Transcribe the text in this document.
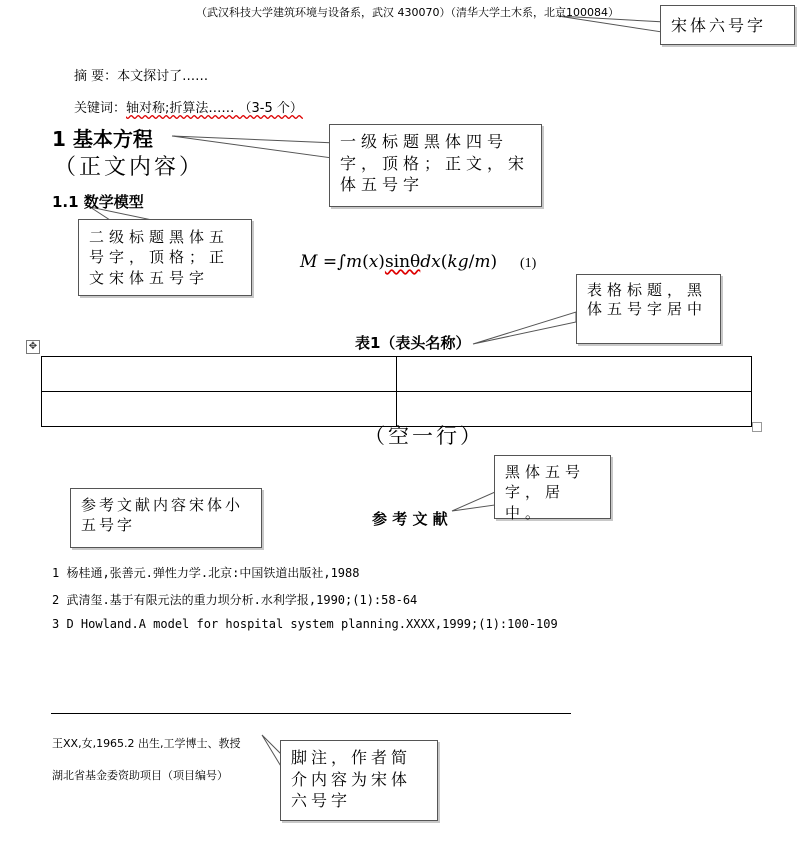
（武汉科技大学建筑环境与设备系，武汉 430070）（清华大学土木系，北京100084）
摘 要：本文探讨了……
关键词：轴对称;折算法…… （3-5 个）
1 基本方程
（正文内容）
1.1 数学模型
M =∫m(x)sinθdx(kg/m) (1)
表1（表头名称）
✥

（空一行）
参 考 文 献
1 杨桂通,张善元.弹性力学.北京:中国铁道出版社,1988
2 武清玺.基于有限元法的重力坝分析.水利学报,1990;(1):58-64
3 D Howland.A model for hospital system planning.XXXX,1999;(1):100-109
王XX,女,1965.2 出生,工学博士、教授
湖北省基金委资助项目（项目编号）
宋体六号字
一级标题黑体四号字，顶格；正文，宋体五号字
二级标题黑体五号字，顶格；正文宋体五号字
表格标题，黑体五号字居中
黑体五号字，居中。
参考文献内容宋体小五号字
脚注，作者简介内容为宋体六号字
